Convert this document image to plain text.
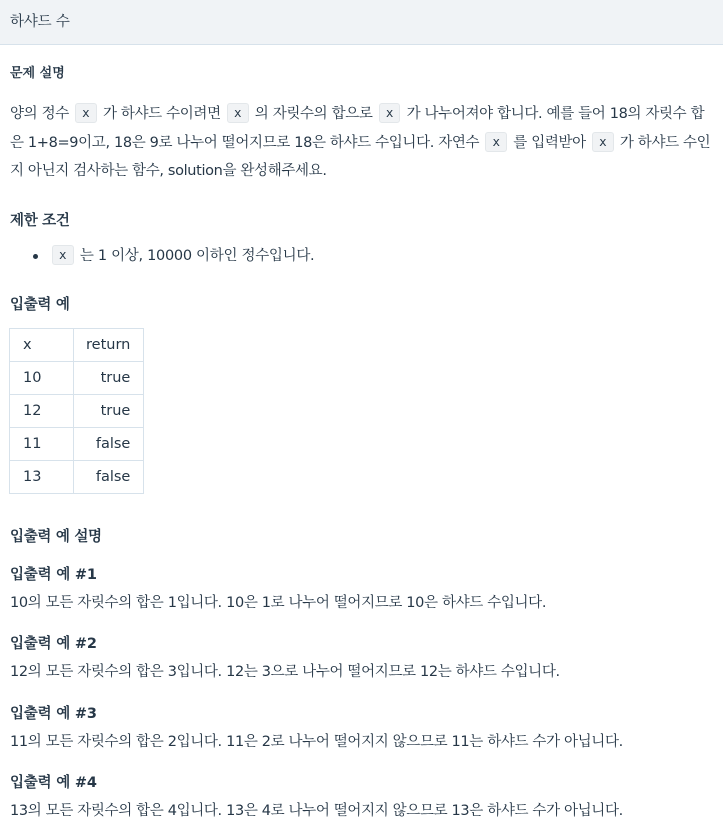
하샤드 수
문제 설명

양의 정수 x 가 하샤드 수이려면 x 의 자릿수의 합으로 x 가 나누어져야 합니다. 예를 들어 18의 자릿수 합은 1+8=9이고, 18은 9로 나누어 떨어지므로 18은 하샤드 수입니다. 자연수 x 를 입력받아 x 가 하샤드 수인지 아닌지 검사하는 함수, solution을 완성해주세요.

제한 조건
x 는 1 이상, 10000 이하인 정수입니다.
입출력 예
x	return
10	true
12	true
11	false
13	false
입출력 예 설명
입출력 예 #1
10의 모든 자릿수의 합은 1입니다. 10은 1로 나누어 떨어지므로 10은 하샤드 수입니다.
입출력 예 #2
12의 모든 자릿수의 합은 3입니다. 12는 3으로 나누어 떨어지므로 12는 하샤드 수입니다.
입출력 예 #3
11의 모든 자릿수의 합은 2입니다. 11은 2로 나누어 떨어지지 않으므로 11는 하샤드 수가 아닙니다.
입출력 예 #4
13의 모든 자릿수의 합은 4입니다. 13은 4로 나누어 떨어지지 않으므로 13은 하샤드 수가 아닙니다.
